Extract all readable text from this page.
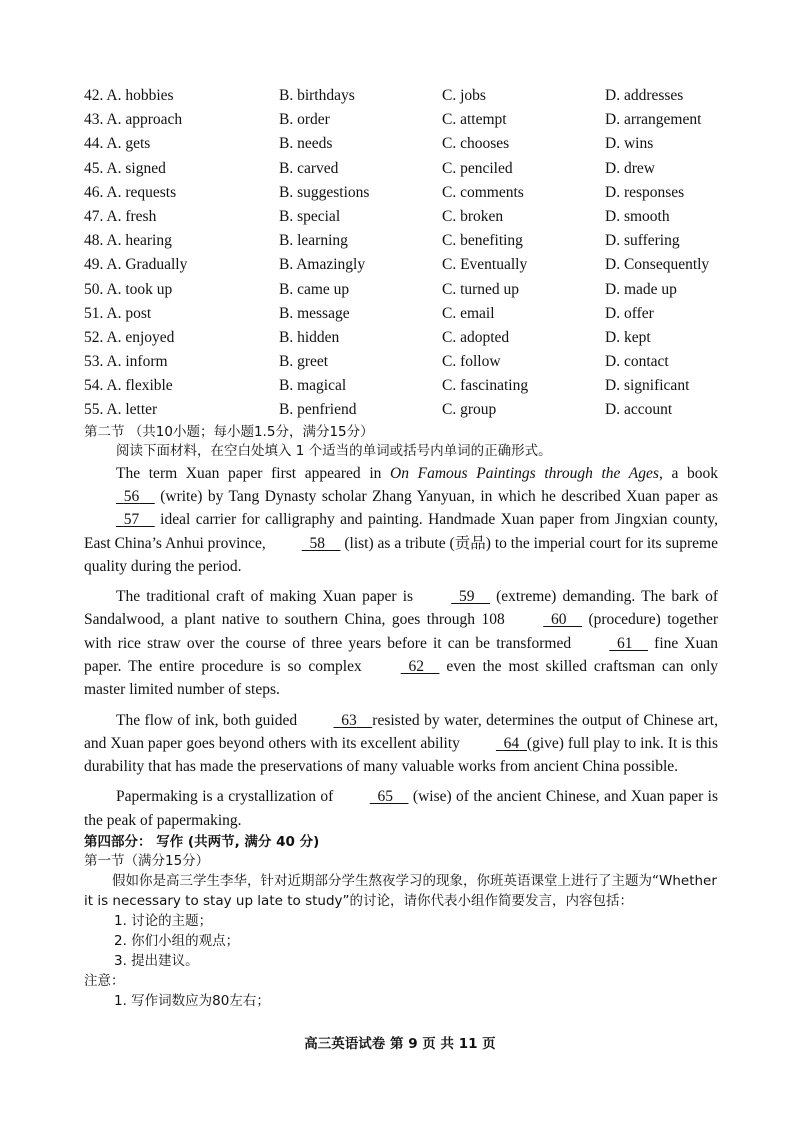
42. A. hobbies	B. birthdays	C. jobs	D. addresses
43. A. approach	B. order	C. attempt	D. arrangement
44. A. gets	B. needs	C. chooses	D. wins
45. A. signed	B. carved	C. penciled	D. drew
46. A. requests	B. suggestions	C. comments	D. responses
47. A. fresh	B. special	C. broken	D. smooth
48. A. hearing	B. learning	C. benefiting	D. suffering
49. A. Gradually	B. Amazingly	C. Eventually	D. Consequently
50. A. took up	B. came up	C. turned up	D. made up
51. A. post	B. message	C. email	D. offer
52. A. enjoyed	B. hidden	C. adopted	D. kept
53. A. inform	B. greet	C. follow	D. contact
54. A. flexible	B. magical	C. fascinating	D. significant
55. A. letter	B. penfriend	C. group	D. account
第二节 （共10小题；每小题1.5分，满分15分）
阅读下面材料，在空白处填入 1 个适当的单词或括号内单词的正确形式。

The term Xuan paper first appeared in On Famous Paintings through the Ages, a book   56     (write) by Tang Dynasty scholar Zhang Yanyuan, in which he described Xuan paper as   57     ideal carrier for calligraphy and painting. Handmade Xuan paper from Jingxian county, East China’s Anhui province,	58     (list) as a tribute (贡品) to the imperial court for its supreme quality during the period.

The traditional craft of making Xuan paper is	59     (extreme) demanding. The bark of Sandalwood, a plant native to southern China, goes through 108	60     (procedure) together with rice straw over the course of three years before it can be transformed	61     fine Xuan paper. The entire procedure is so complex	62     even the most skilled craftsman can only master limited number of steps.

The flow of ink, both guided	63 resisted by water, determines the output of Chinese art, and Xuan paper goes beyond others with its excellent ability	64 (give) full play to ink. It is this durability that has made the preservations of many valuable works from ancient China possible.

Papermaking is a crystallization of	65     (wise) of the ancient Chinese, and Xuan paper is the peak of papermaking.

第四部分： 写作 (共两节, 满分 40 分)
第一节（满分15分）

假如你是高三学生李华，针对近期部分学生熬夜学习的现象，你班英语课堂上进行了主题为“Whether it is necessary to stay up late to study”的讨论，请你代表小组作简要发言，内容包括：

1. 讨论的主题；
2. 你们小组的观点；
3. 提出建议。
注意：
1. 写作词数应为80左右；
高三英语试卷 第 9 页 共 11 页
